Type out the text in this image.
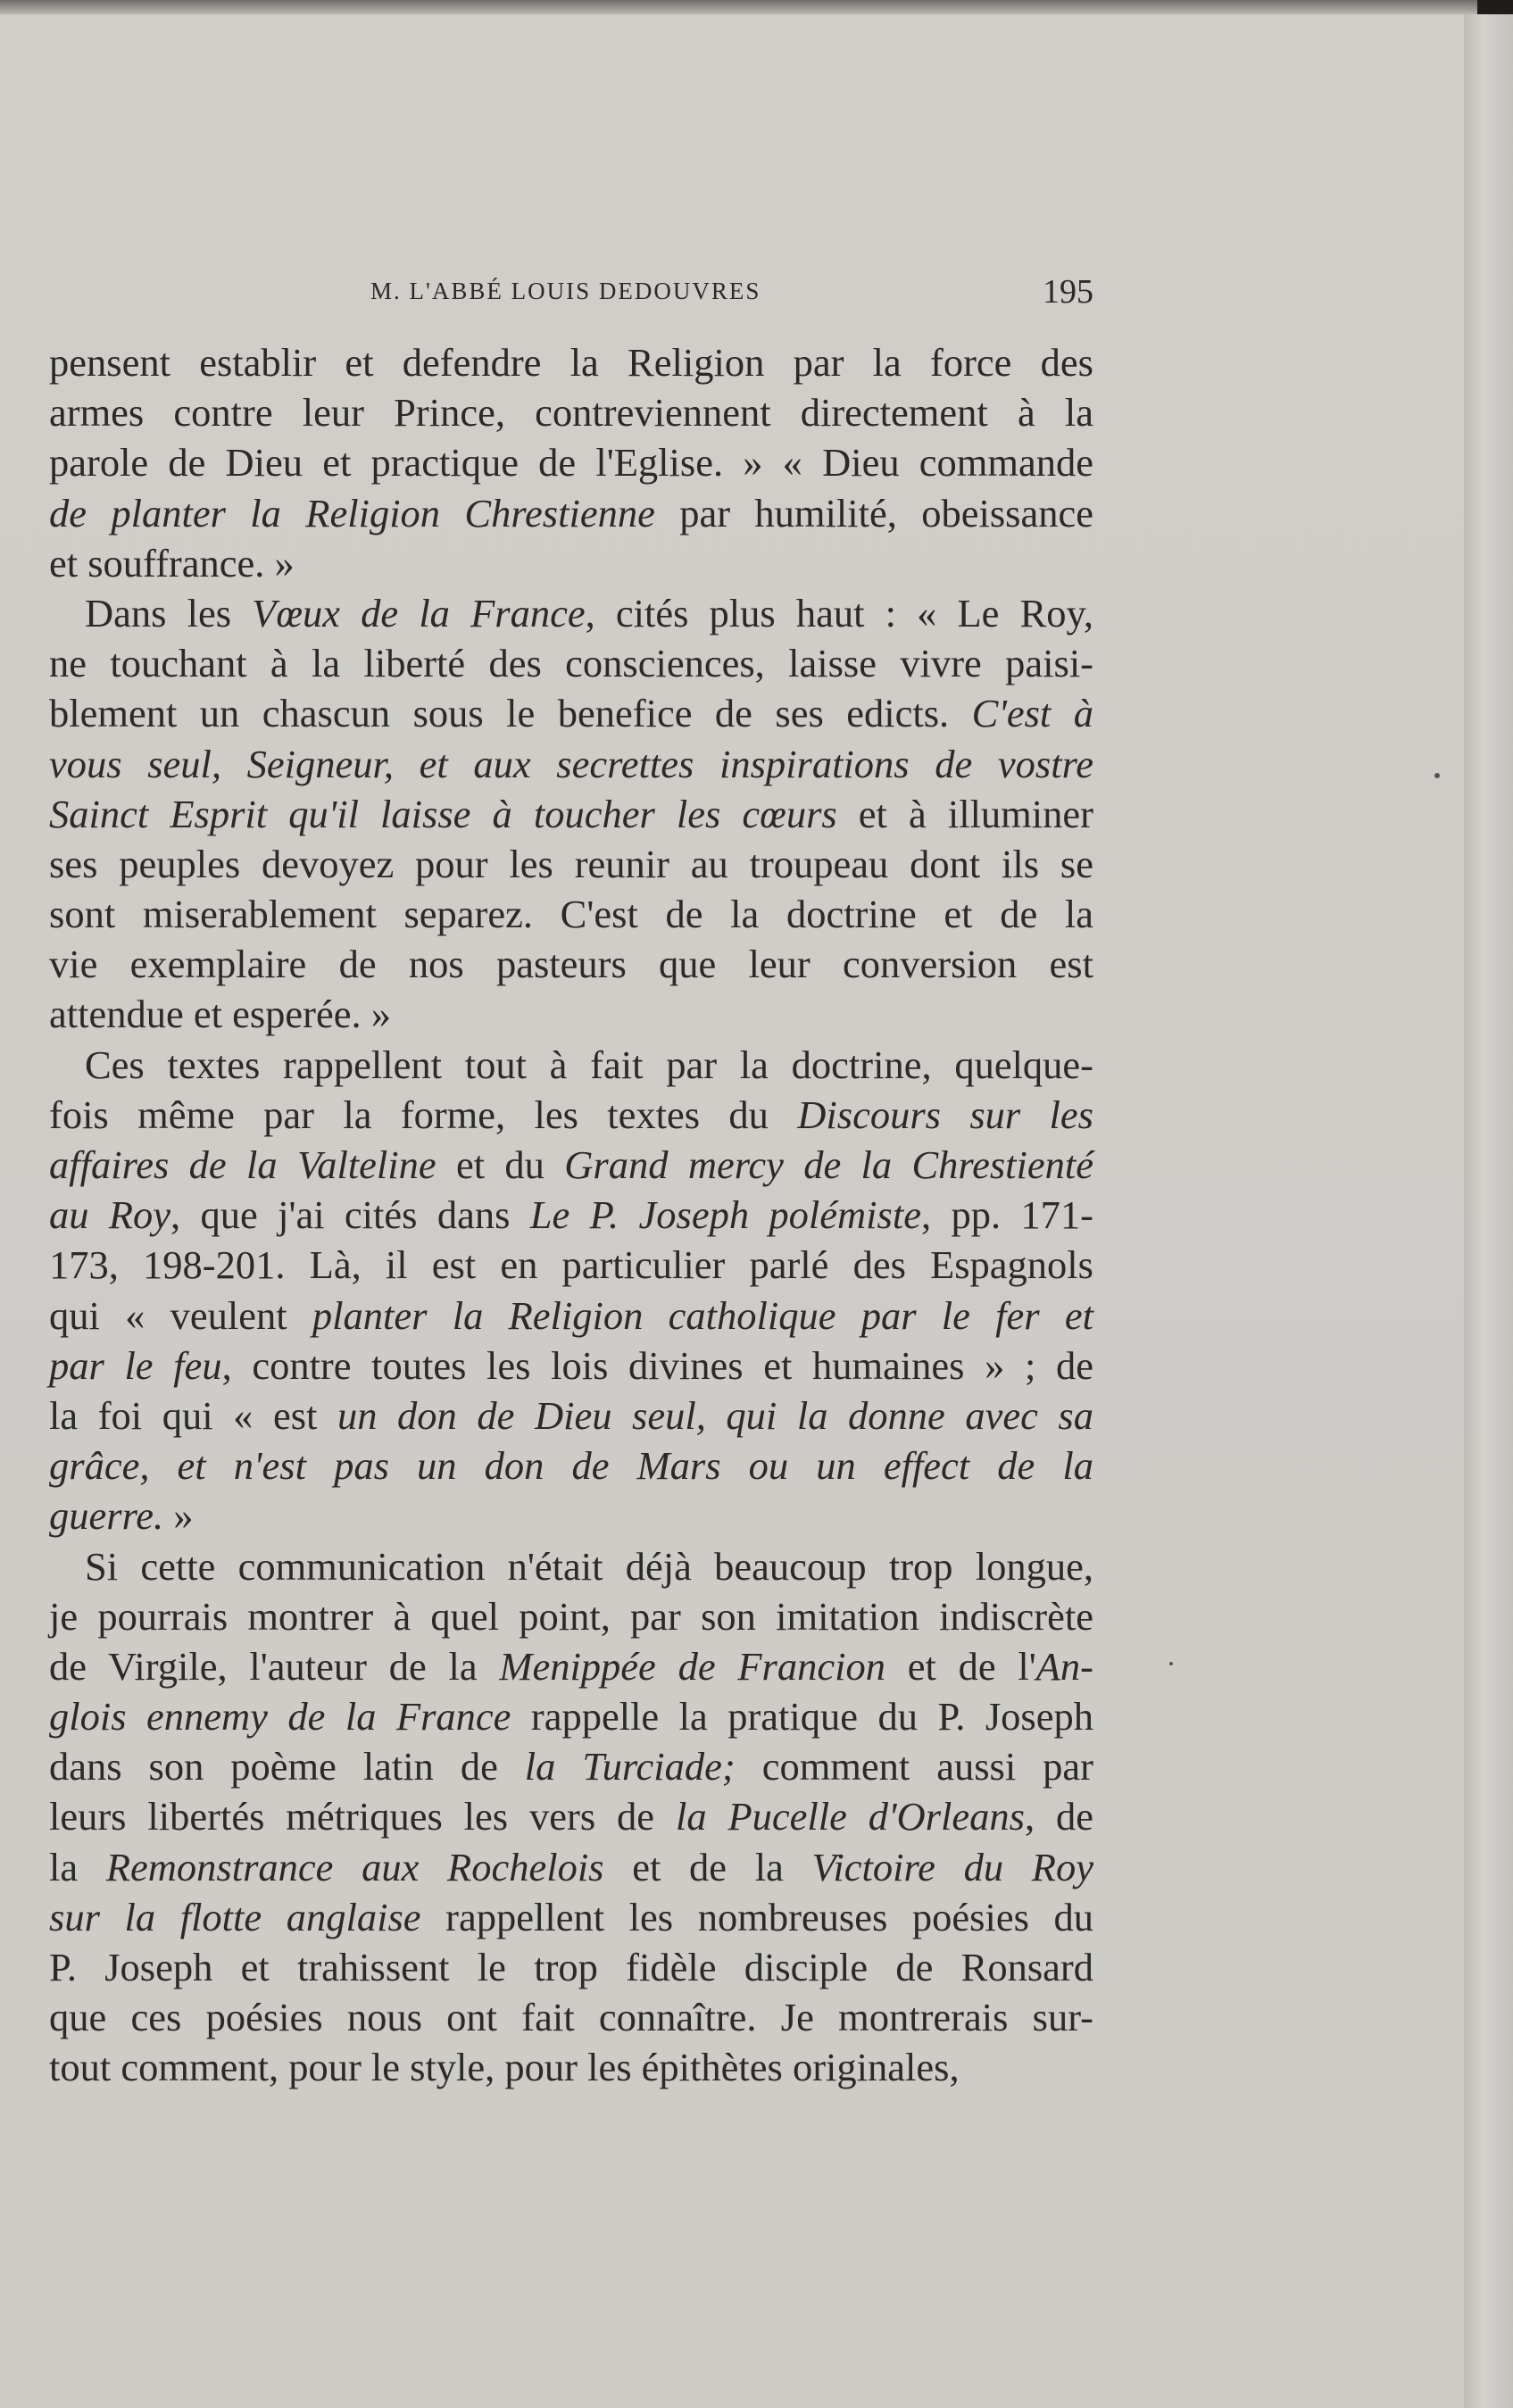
M. L'ABBÉ LOUIS DEDOUVRES	195
pensent establir et defendre la Religion par la force des
armes contre leur Prince, contreviennent directement à la
parole de Dieu et practique de l'Eglise. » « Dieu commande
de planter la Religion Chrestienne par humilité, obeissance
et souffrance. »
Dans les Vœux de la France, cités plus haut : « Le Roy,
ne touchant à la liberté des consciences, laisse vivre paisi-
blement un chascun sous le benefice de ses edicts. C'est à
vous seul, Seigneur, et aux secrettes inspirations de vostre
Sainct Esprit qu'il laisse à toucher les cœurs et à illuminer
ses peuples devoyez pour les reunir au troupeau dont ils se
sont miserablement separez. C'est de la doctrine et de la
vie exemplaire de nos pasteurs que leur conversion est
attendue et esperée. »
Ces textes rappellent tout à fait par la doctrine, quelque-
fois même par la forme, les textes du Discours sur les
affaires de la Valteline et du Grand mercy de la Chrestienté
au Roy, que j'ai cités dans Le P. Joseph polémiste, pp. 171-
173, 198-201. Là, il est en particulier parlé des Espagnols
qui « veulent planter la Religion catholique par le fer et
par le feu, contre toutes les lois divines et humaines » ; de
la foi qui « est un don de Dieu seul, qui la donne avec sa
grâce, et n'est pas un don de Mars ou un effect de la
guerre. »
Si cette communication n'était déjà beaucoup trop longue,
je pourrais montrer à quel point, par son imitation indiscrète
de Virgile, l'auteur de la Menippée de Francion et de l'An-
glois ennemy de la France rappelle la pratique du P. Joseph
dans son poème latin de la Turciade; comment aussi par
leurs libertés métriques les vers de la Pucelle d'Orleans, de
la Remonstrance aux Rochelois et de la Victoire du Roy
sur la flotte anglaise rappellent les nombreuses poésies du
P. Joseph et trahissent le trop fidèle disciple de Ronsard
que ces poésies nous ont fait connaître. Je montrerais sur-
tout comment, pour le style, pour les épithètes originales,
